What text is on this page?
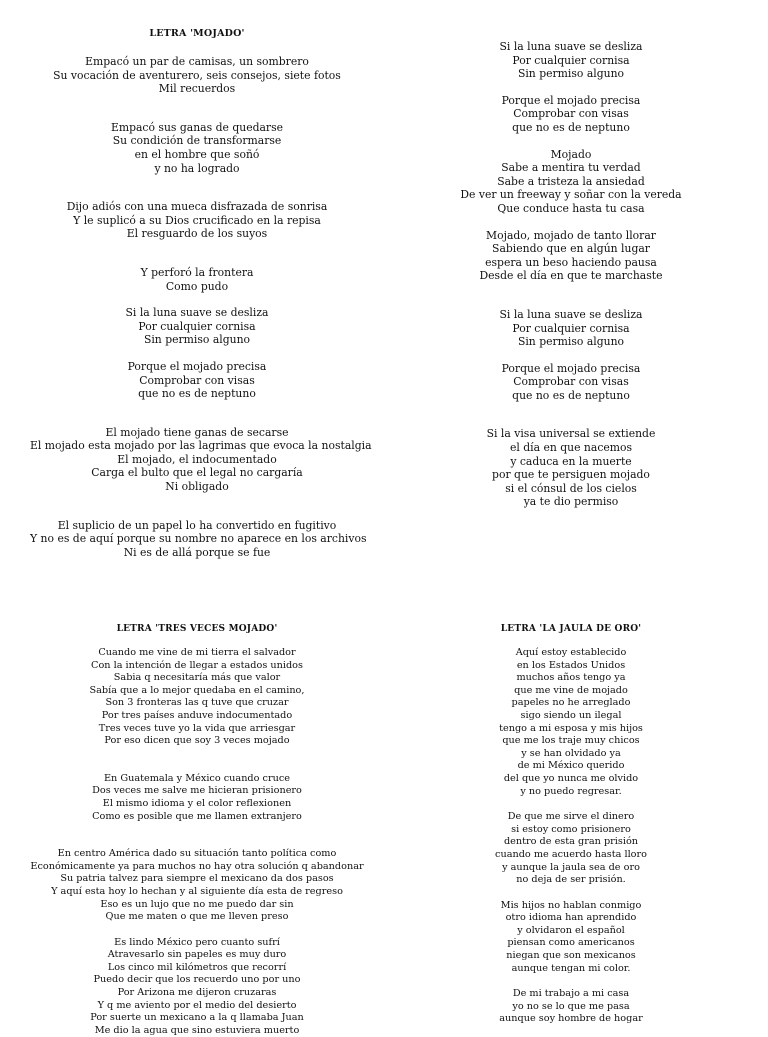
LETRA 'MOJADO'
Empacó un par de camisas, un sombrero
Su vocación de aventurero, seis consejos, siete fotos
Mil recuerdos
Empacó sus ganas de quedarse
Su condición de transformarse
en el hombre que soñó
y no ha logrado
Dijo adiós con una mueca disfrazada de sonrisa
Y le suplicó a su Dios crucificado en la repisa
El resguardo de los suyos
Y perforó la frontera
Como pudo
Si la luna suave se desliza
Por cualquier cornisa
Sin permiso alguno
Porque el mojado precisa
Comprobar con visas
que no es de neptuno
El mojado tiene ganas de secarse
El mojado esta mojado por las lagrimas que evoca la nostalgia
El mojado, el indocumentado
Carga el bulto que el legal no cargaría
Ni obligado
El suplicio de un papel lo ha convertido en fugitivo
Y no es de aquí porque su nombre no aparece en los archivos
Ni es de allá porque se fue
Si la luna suave se desliza
Por cualquier cornisa
Sin permiso alguno
Porque el mojado precisa
Comprobar con visas
que no es de neptuno
Mojado
Sabe a mentira tu verdad
Sabe a tristeza la ansiedad
De ver un freeway y soñar con la vereda
Que conduce hasta tu casa
Mojado, mojado de tanto llorar
Sabiendo que en algún lugar
espera un beso haciendo pausa
Desde el día en que te marchaste
Si la luna suave se desliza
Por cualquier cornisa
Sin permiso alguno
Porque el mojado precisa
Comprobar con visas
que no es de neptuno
Si la visa universal se extiende
el día en que nacemos
y caduca en la muerte
por que te persiguen mojado
si el cónsul de los cielos
ya te dio permiso
LETRA 'TRES VECES MOJADO'
Cuando me vine de mi tierra el salvador
Con la intención de llegar a estados unidos
Sabia q necesitaría más que valor
Sabía que a lo mejor quedaba en el camino,
Son 3 fronteras las q tuve que cruzar
Por tres países anduve indocumentado
Tres veces tuve yo la vida que arriesgar
Por eso dicen que soy 3 veces mojado
En Guatemala y México cuando cruce
Dos veces me salve me hicieran prisionero
El mismo idioma y el color reflexionen
Como es posible que me llamen extranjero
En centro América dado su situación tanto política como
Económicamente ya para muchos no hay otra solución q abandonar
Su patria talvez para siempre el mexicano da dos pasos
Y aquí esta hoy lo hechan y al siguiente día esta de regreso
Eso es un lujo que no me puedo dar sin
Que me maten o que me lleven preso
Es lindo México pero cuanto sufrí
Atravesarlo sin papeles es muy duro
Los cinco mil kilómetros que recorrí
Puedo decir que los recuerdo uno por uno
Por Arizona me dijeron cruzaras
Y q me aviento por el medio del desierto
Por suerte un mexicano a la q llamaba Juan
Me dio la agua que sino estuviera muerto
LETRA 'LA JAULA DE ORO'
Aquí estoy establecido
en los Estados Unidos
muchos años tengo ya
que me vine de mojado
papeles no he arreglado
sigo siendo un ilegal
tengo a mi esposa y mis hijos
que me los traje muy chicos
y se han olvidado ya
de mi México querido
del que yo nunca me olvido
y no puedo regresar.
De que me sirve el dinero
si estoy como prisionero
dentro de esta gran prisión
cuando me acuerdo hasta lloro
y aunque la jaula sea de oro
no deja de ser prisión.
Mis hijos no hablan conmigo
otro idioma han aprendido
y olvidaron el español
piensan como americanos
niegan que son mexicanos
aunque tengan mi color.
De mi trabajo a mi casa
yo no se lo que me pasa
aunque soy hombre de hogar
